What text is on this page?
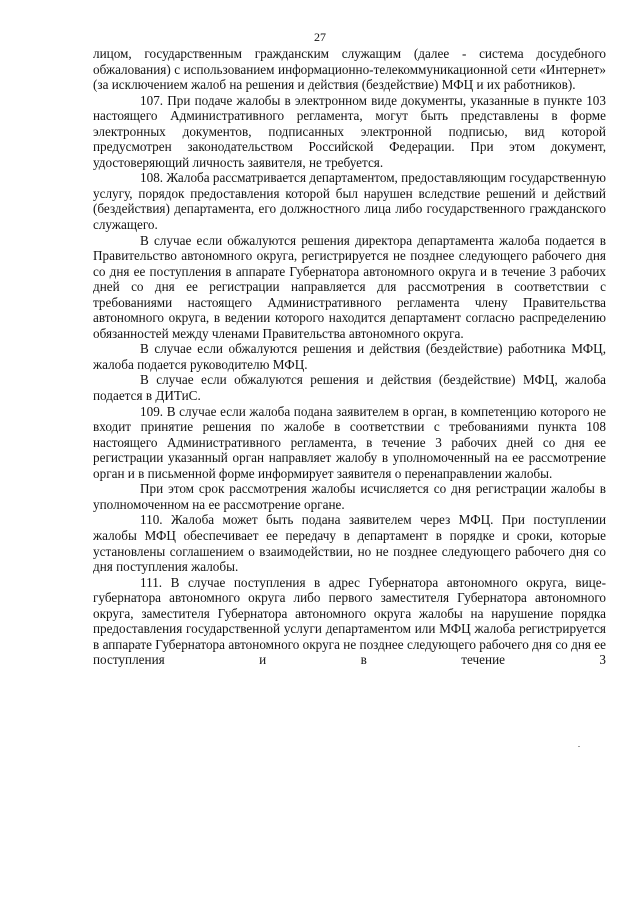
27

лицом, государственным гражданским служащим (далее - система досудебного обжалования) с использованием информационно-телекоммуникационной сети «Интернет» (за исключением жалоб на решения и действия (бездействие) МФЦ и их работников).

107. При подаче жалобы в электронном виде документы, указанные в пункте 103 настоящего Административного регламента, могут быть представлены в форме электронных документов, подписанных электронной подписью, вид которой предусмотрен законодательством Российской Федерации. При этом документ, удостоверяющий личность заявителя, не требуется.

108. Жалоба рассматривается департаментом, предоставляющим государственную услугу, порядок предоставления которой был нарушен вследствие решений и действий (бездействия) департамента, его должностного лица либо государственного гражданского служащего.

В случае если обжалуются решения директора департамента жалоба подается в Правительство автономного округа, регистрируется не позднее следующего рабочего дня со дня ее поступления в аппарате Губернатора автономного округа и в течение 3 рабочих дней со дня ее регистрации направляется для рассмотрения в соответствии с требованиями настоящего Административного регламента члену Правительства автономного округа, в ведении которого находится департамент согласно распределению обязанностей между членами Правительства автономного округа.

В случае если обжалуются решения и действия (бездействие) работника МФЦ, жалоба подается руководителю МФЦ.

В случае если обжалуются решения и действия (бездействие) МФЦ, жалоба подается в ДИТиС.

109. В случае если жалоба подана заявителем в орган, в компетенцию которого не входит принятие решения по жалобе в соответствии с требованиями пункта 108 настоящего Административного регламента, в течение 3 рабочих дней со дня ее регистрации указанный орган направляет жалобу в уполномоченный на ее рассмотрение орган и в письменной форме информирует заявителя о перенаправлении жалобы.

При этом срок рассмотрения жалобы исчисляется со дня регистрации жалобы в уполномоченном на ее рассмотрение органе.

110. Жалоба может быть подана заявителем через МФЦ. При поступлении жалобы МФЦ обеспечивает ее передачу в департамент в порядке и сроки, которые установлены соглашением о взаимодействии, но не позднее следующего рабочего дня со дня поступления жалобы.

111. В случае поступления в адрес Губернатора автономного округа, вице-губернатора автономного округа либо первого заместителя Губернатора автономного округа, заместителя Губернатора автономного округа жалобы на нарушение порядка предоставления государственной услуги департаментом или МФЦ жалоба регистрируется в аппарате Губернатора автономного округа не позднее следующего рабочего дня со дня ее поступления и в течение 3
